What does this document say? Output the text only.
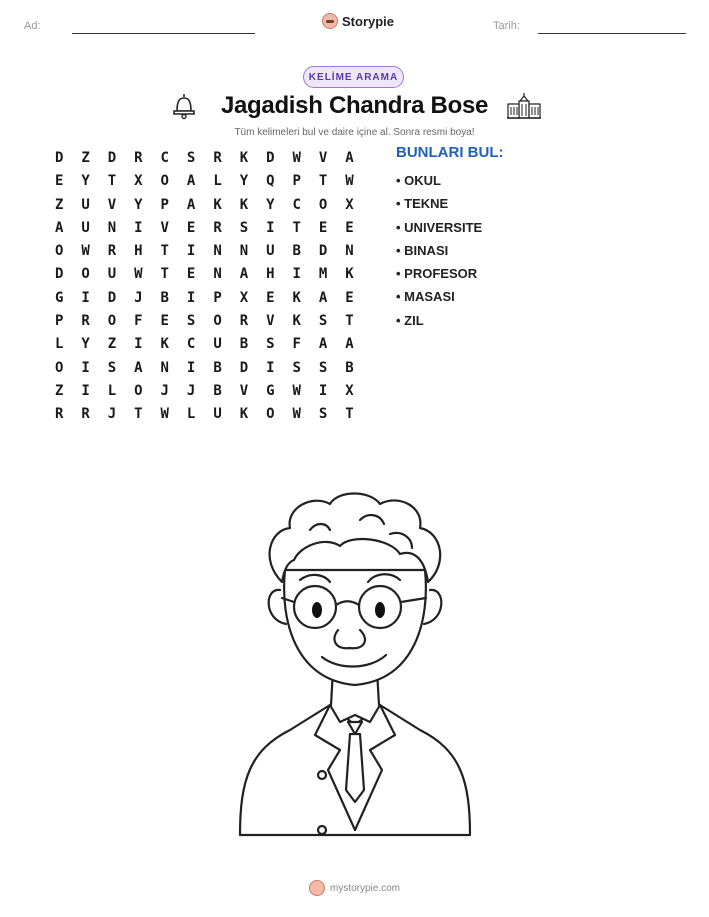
Ad:	Storypie	Tarih:
KELİME ARAMA
Jagadish Chandra Bose
Tüm kelimeleri bul ve daire içine al. Sonra resmi boya!
D	Z	D	R	C	S	R	K	D	W	V	A
E	Y	T	X	O	A	L	Y	Q	P	T	W
Z	U	V	Y	P	A	K	K	Y	C	O	X
A	U	N	I	V	E	R	S	I	T	E	E
O	W	R	H	T	I	N	N	U	B	D	N
D	O	U	W	T	E	N	A	H	I	M	K
G	I	D	J	B	I	P	X	E	K	A	E
P	R	O	F	E	S	O	R	V	K	S	T
L	Y	Z	I	K	C	U	B	S	F	A	A
O	I	S	A	N	I	B	D	I	S	S	B
Z	I	L	O	J	J	B	V	G	W	I	X
R	R	J	T	W	L	U	K	O	W	S	T
BUNLARI BUL:
• OKUL
• TEKNE
• UNIVERSITE
• BINASI
• PROFESOR
• MASASI
• ZIL
mystorypie.com
